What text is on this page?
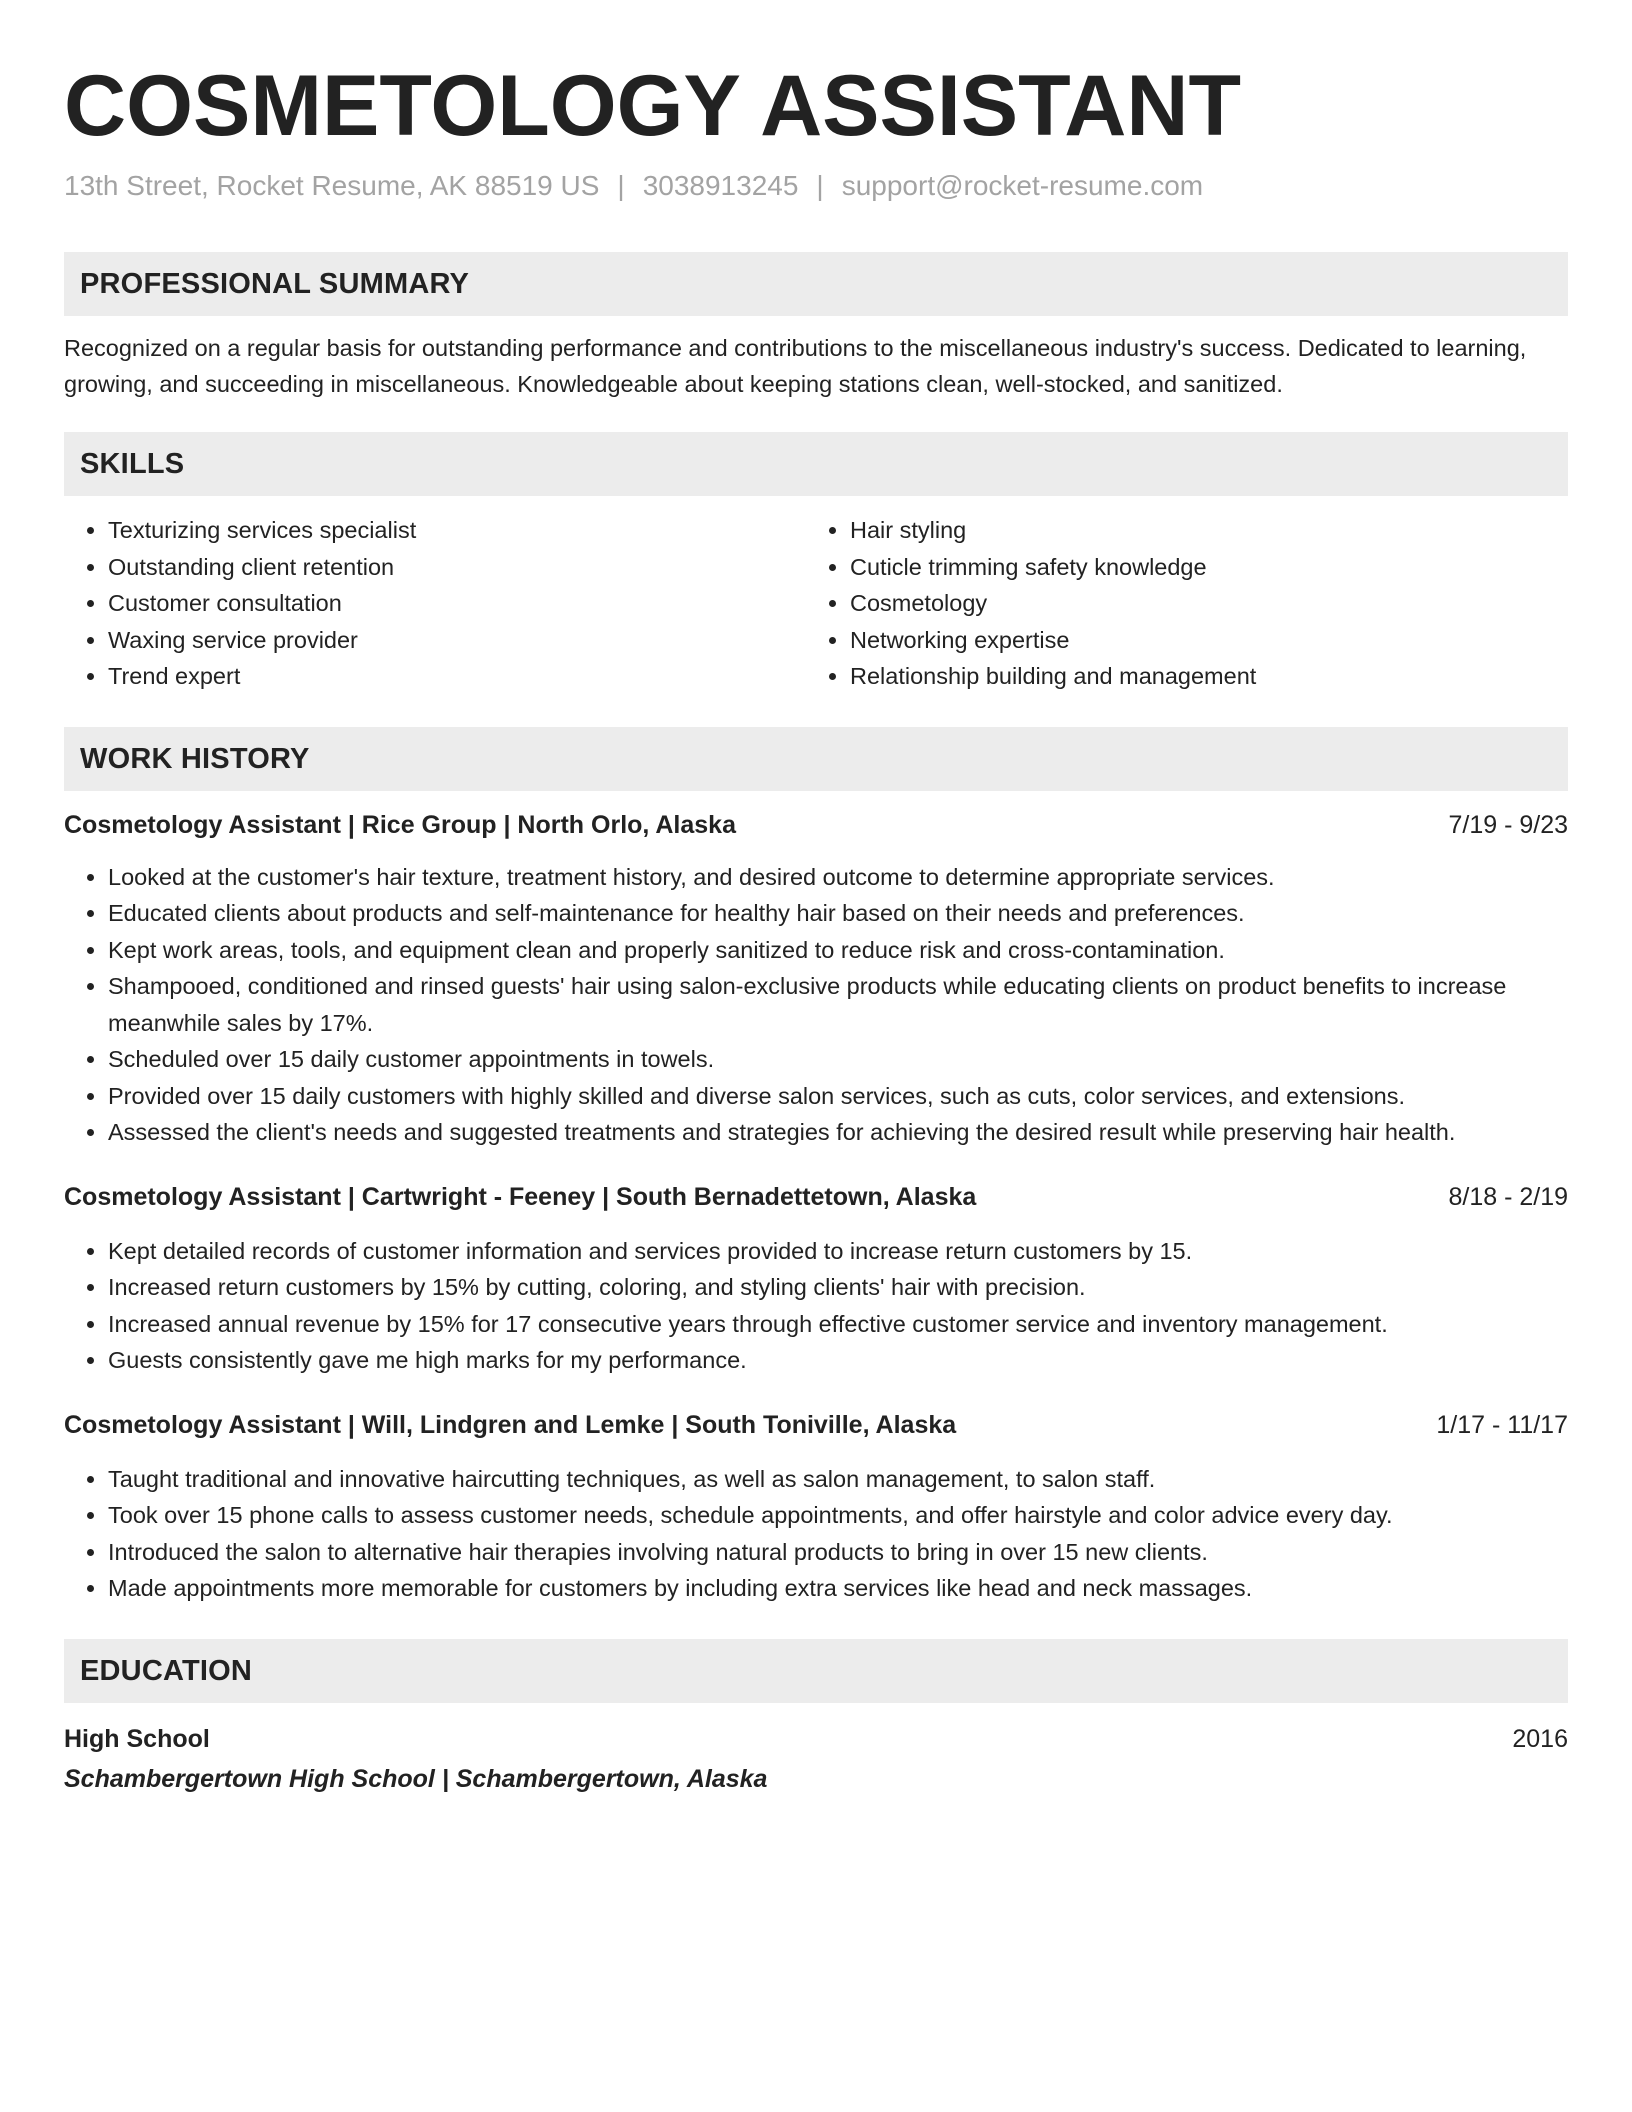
COSMETOLOGY ASSISTANT
13th Street, Rocket Resume, AK 88519 US | 3038913245 | support@rocket-resume.com
PROFESSIONAL SUMMARY
Recognized on a regular basis for outstanding performance and contributions to the miscellaneous industry's success. Dedicated to learning, growing, and succeeding in miscellaneous. Knowledgeable about keeping stations clean, well-stocked, and sanitized.
SKILLS
• Texturizing services specialist
• Outstanding client retention
• Customer consultation
• Waxing service provider
• Trend expert
• Hair styling
• Cuticle trimming safety knowledge
• Cosmetology
• Networking expertise
• Relationship building and management
WORK HISTORY
Cosmetology Assistant | Rice Group | North Orlo, Alaska	7/19 - 9/23
• Looked at the customer's hair texture, treatment history, and desired outcome to determine appropriate services.
• Educated clients about products and self-maintenance for healthy hair based on their needs and preferences.
• Kept work areas, tools, and equipment clean and properly sanitized to reduce risk and cross-contamination.
• Shampooed, conditioned and rinsed guests' hair using salon-exclusive products while educating clients on product benefits to increase meanwhile sales by 17%.
• Scheduled over 15 daily customer appointments in towels.
• Provided over 15 daily customers with highly skilled and diverse salon services, such as cuts, color services, and extensions.
• Assessed the client's needs and suggested treatments and strategies for achieving the desired result while preserving hair health.
Cosmetology Assistant | Cartwright - Feeney | South Bernadettetown, Alaska	8/18 - 2/19
• Kept detailed records of customer information and services provided to increase return customers by 15.
• Increased return customers by 15% by cutting, coloring, and styling clients' hair with precision.
• Increased annual revenue by 15% for 17 consecutive years through effective customer service and inventory management.
• Guests consistently gave me high marks for my performance.
Cosmetology Assistant | Will, Lindgren and Lemke | South Toniville, Alaska	1/17 - 11/17
• Taught traditional and innovative haircutting techniques, as well as salon management, to salon staff.
• Took over 15 phone calls to assess customer needs, schedule appointments, and offer hairstyle and color advice every day.
• Introduced the salon to alternative hair therapies involving natural products to bring in over 15 new clients.
• Made appointments more memorable for customers by including extra services like head and neck massages.
EDUCATION
High School	2016
Schambergertown High School | Schambergertown, Alaska
